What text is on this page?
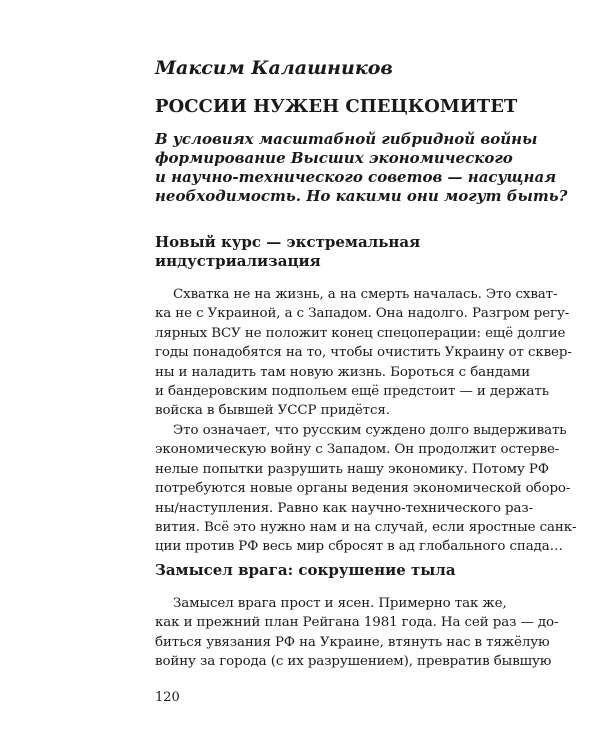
Максим Калашников
РОССИИ НУЖЕН СПЕЦКОМИТЕТ
В условиях масштабной гибридной войны
формирование Высших экономического
и научно-технического советов — насущная
необходимость. Но какими они могут быть?
Новый курс — экстремальная
индустриализация
Схватка не на жизнь, а на смерть началась. Это схват-
ка не с Украиной, а с Западом. Она надолго. Разгром регу-
лярных ВСУ не положит конец спецоперации: ещё долгие
годы понадобятся на то, чтобы очистить Украину от сквер-
ны и наладить там новую жизнь. Бороться с бандами
и бандеровским подпольем ещё предстоит — и держать
войска в бывшей УССР придётся.
Это означает, что русским суждено долго выдерживать
экономическую войну с Западом. Он продолжит остерве-
нелые попытки разрушить нашу экономику. Потому РФ
потребуются новые органы ведения экономической оборо-
ны/наступления. Равно как научно-технического раз-
вития. Всё это нужно нам и на случай, если яростные санк-
ции против РФ весь мир сбросят в ад глобального спада…
Замысел врага: сокрушение тыла
Замысел врага прост и ясен. Примерно так же,
как и прежний план Рейгана 1981 года. На сей раз — до-
биться увязания РФ на Украине, втянуть нас в тяжёлую
войну за города (с их разрушением), превратив бывшую
120
